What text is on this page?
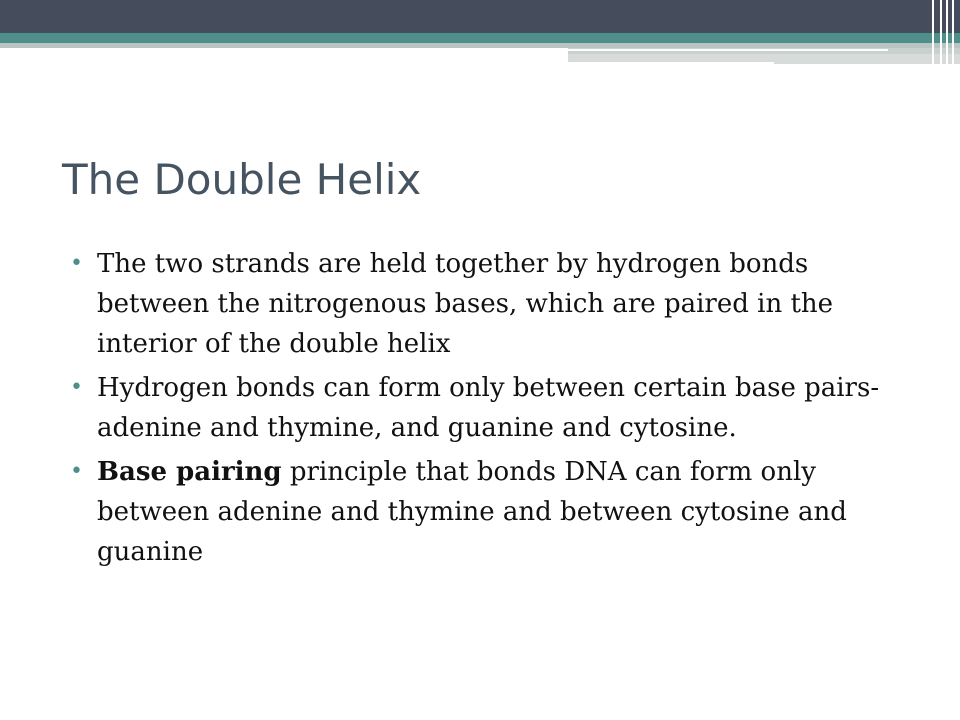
The Double Helix
• The two strands are held together by hydrogen bonds between the nitrogenous bases, which are paired in the interior of the double helix
• Hydrogen bonds can form only between certain base pairs-adenine and thymine, and guanine and cytosine.
• Base pairing principle that bonds DNA can form only between adenine and thymine and between cytosine and guanine
